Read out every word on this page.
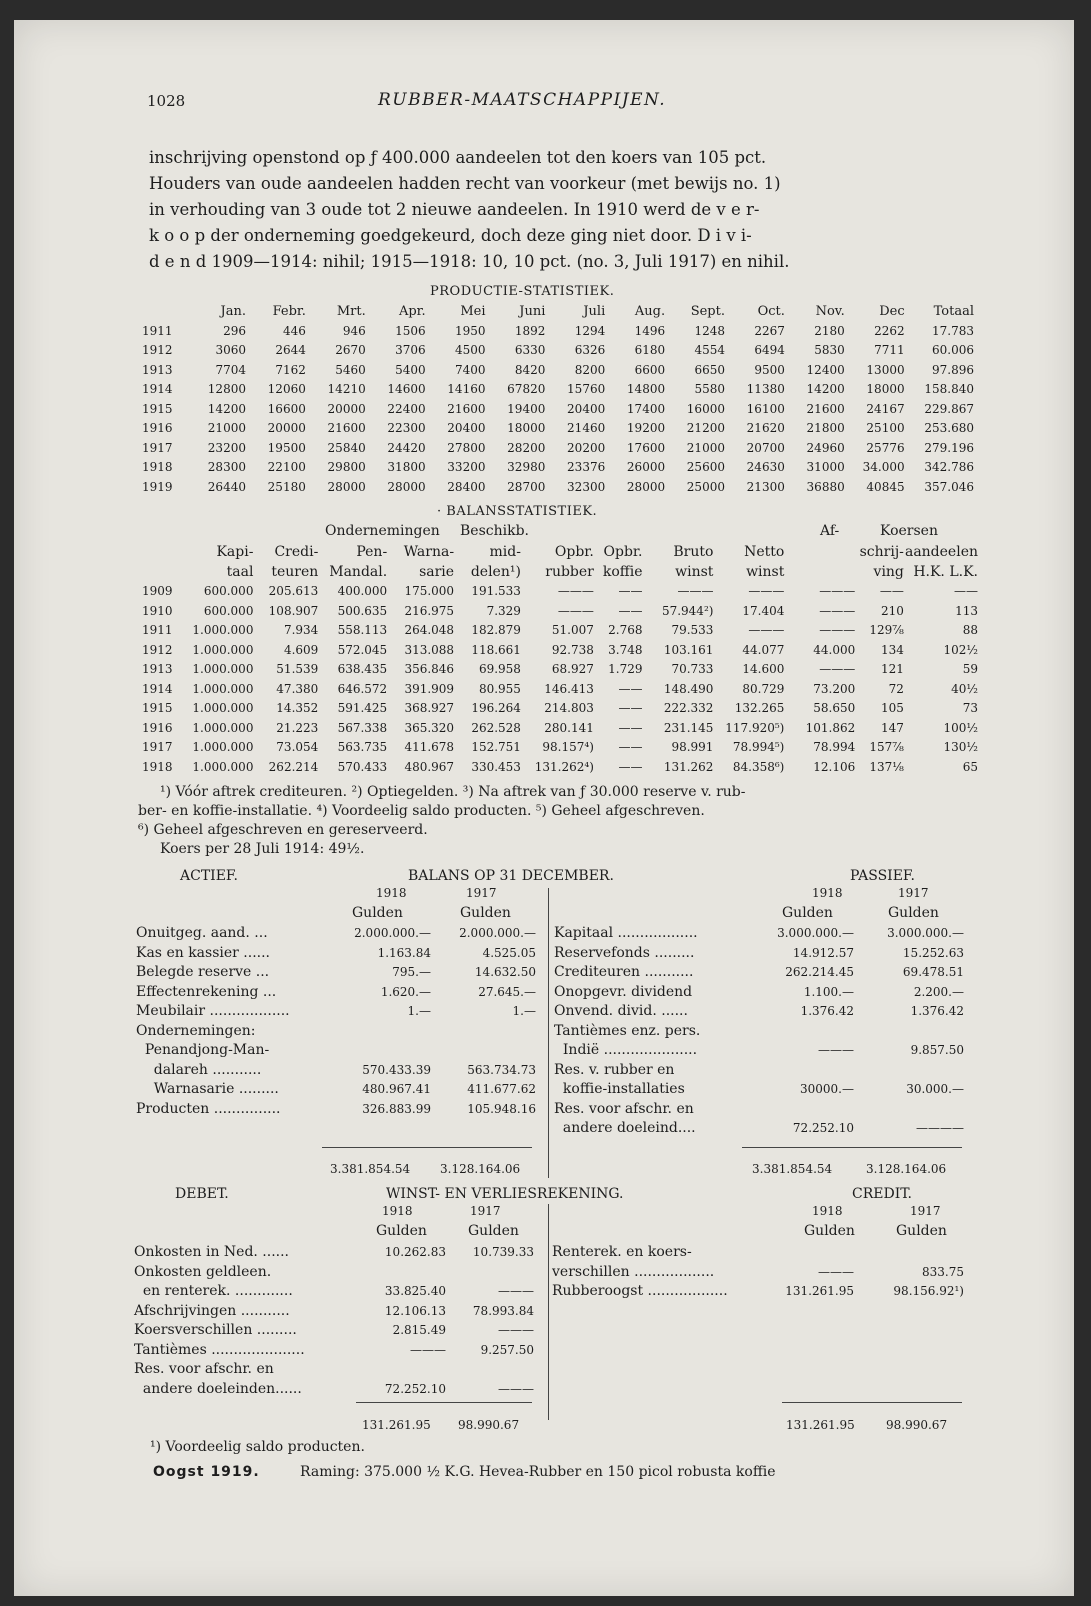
1028	RUBBER-MAATSCHAPPIJEN.
inschrijving openstond op ƒ 400.000 aandeelen tot den koers van 105 pct.
Houders van oude aandeelen hadden recht van voorkeur (met bewijs no. 1)
in verhouding van 3 oude tot 2 nieuwe aandeelen. In 1910 werd de v e r-
k o o p der onderneming goedgekeurd, doch deze ging niet door. D i v i-
d e n d 1909—1914: nihil; 1915—1918: 10, 10 pct. (no. 3, Juli 1917) en nihil.
PRODUCTIE-STATISTIEK.
	Jan.	Febr.	Mrt.	Apr.	Mei	Juni	Juli	Aug.	Sept.	Oct.	Nov.	Dec	Totaal
1911	296	446	946	1506	1950	1892	1294	1496	1248	2267	2180	2262	17.783
1912	3060	2644	2670	3706	4500	6330	6326	6180	4554	6494	5830	7711	60.006
1913	7704	7162	5460	5400	7400	8420	8200	6600	6650	9500	12400	13000	97.896
1914	12800	12060	14210	14600	14160	67820	15760	14800	5580	11380	14200	18000	158.840
1915	14200	16600	20000	22400	21600	19400	20400	17400	16000	16100	21600	24167	229.867
1916	21000	20000	21600	22300	20400	18000	21460	19200	21200	21620	21800	25100	253.680
1917	23200	19500	25840	24420	27800	28200	20200	17600	21000	20700	24960	25776	279.196
1918	28300	22100	29800	31800	33200	32980	23376	26000	25600	24630	31000	34.000	342.786
1919	26440	25180	28000	28000	28400	28700	32300	28000	25000	21300	36880	40845	357.046
· BALANSSTATISTIEK.
Ondernemingen Beschikb.	Af-	Koersen
	Kapi-	Credi-	Pen-	Warna-	mid-	Opbr.	Opbr.	Bruto	Netto		schrij-	aandeelen
	taal	teuren	Mandal.	sarie	delen¹)	rubber	koffie	winst	winst		ving	H.K. L.K.
1909	600.000	205.613	400.000	175.000	191.533	———	——	———	———	———	——	——
1910	600.000	108.907	500.635	216.975	7.329	———	——	57.944²)	17.404	———	210	113
1911	1.000.000	7.934	558.113	264.048	182.879	51.007	2.768	79.533	———	———	129⅞	88
1912	1.000.000	4.609	572.045	313.088	118.661	92.738	3.748	103.161	44.077	44.000	134	102½
1913	1.000.000	51.539	638.435	356.846	69.958	68.927	1.729	70.733	14.600	———	121	59
1914	1.000.000	47.380	646.572	391.909	80.955	146.413	——	148.490	80.729	73.200	72	40½
1915	1.000.000	14.352	591.425	368.927	196.264	214.803	——	222.332	132.265	58.650	105	73
1916	1.000.000	21.223	567.338	365.320	262.528	280.141	——	231.145	117.920⁵)	101.862	147	100½
1917	1.000.000	73.054	563.735	411.678	152.751	98.157⁴)	——	98.991	78.994⁵)	78.994	157⅞	130½
1918	1.000.000	262.214	570.433	480.967	330.453	131.262⁴)	——	131.262	84.358⁶)	12.106	137⅛	65
¹) Vóór aftrek crediteuren. ²) Optiegelden. ³) Na aftrek van ƒ 30.000 reserve v. rub-
ber- en koffie-installatie. ⁴) Voordeelig saldo producten. ⁵) Geheel afgeschreven.
⁶) Geheel afgeschreven en gereserveerd.
Koers per 28 Juli 1914: 49½.
ACTIEF.	BALANS OP 31 DECEMBER.	PASSIEF.
1918	1917	1918	1917
Gulden	Gulden	Gulden	Gulden
Onuitgeg. aand. ...	2.000.000.—	2.000.000.—
Kas en kassier ......	1.163.84	4.525.05
Belegde reserve ...	795.—	14.632.50
Effectenrekening ...	1.620.—	27.645.—
Meubilair ..................	1.—	1.—
Ondernemingen:		
Penandjong-Man-		
dalareh ...........	570.433.39	563.734.73
Warnasarie .........	480.967.41	411.677.62
Producten ...............	326.883.99	105.948.16
Kapitaal ..................	3.000.000.—	3.000.000.—
Reservefonds .........	14.912.57	15.252.63
Crediteuren ...........	262.214.45	69.478.51
Onopgevr. dividend	1.100.—	2.200.—
Onvend. divid. ......	1.376.42	1.376.42
Tantièmes enz. pers.		
Indië .....................	———	9.857.50
Res. v. rubber en		
koffie-installaties	30000.—	30.000.—
Res. voor afschr. en		
andere doeleind....	72.252.10	————
3.381.854.54 3.128.164.06	3.381.854.54	3.128.164.06
DEBET.	WINST- EN VERLIESREKENING.	CREDIT.
1918	1917	1918	1917
Gulden	Gulden	Gulden	Gulden
Onkosten in Ned. ......	10.262.83	10.739.33
Onkosten geldleen.		
en renterek. .............	33.825.40	———
Afschrijvingen ...........	12.106.13	78.993.84
Koersverschillen .........	2.815.49	———
Tantièmes .....................	———	9.257.50
Res. voor afschr. en		
andere doeleinden......	72.252.10	———
Renterek. en koers-		
verschillen ..................	———	833.75
Rubberoogst ..................	131.261.95	98.156.92¹)
131.261.95 98.990.67	131.261.95	98.990.67
¹) Voordeelig saldo producten.
Oogst 1919.	Raming: 375.000 ½ K.G. Hevea-Rubber en 150 picol robusta koffie
